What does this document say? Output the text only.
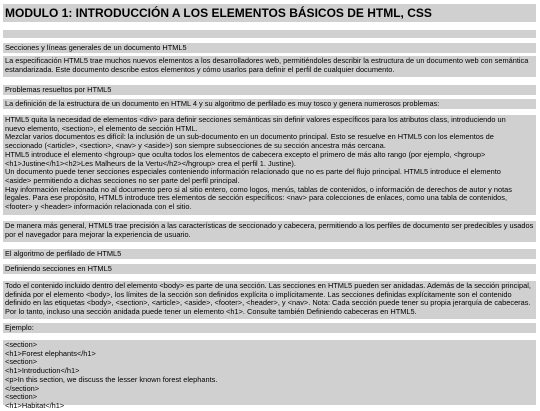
MODULO 1: INTRODUCCIÓN A LOS ELEMENTOS BÁSICOS DE HTML, CSS
Secciones y líneas generales de un documento HTML5
La especificación HTML5 trae muchos nuevos elementos a los desarrolladores web, permitiéndoles describir la estructura de un documento web con semántica estandarizada. Este documento describe estos elementos y cómo usarlos para definir el perfil de cualquier documento.
Problemas resueltos por HTML5
La definición de la estructura de un documento en HTML 4 y su algoritmo de perfilado es muy tosco y genera numerosos problemas:
HTML5 quita la necesidad de elementos <div> para definir secciones semánticas sin definir valores específicos para los atributos class, introduciendo un
nuevo elemento, <section>, el elemento de sección HTML.
Mezclar varios documentos es difícil: la inclusión de un sub-documento en un documento principal. Esto se resuelve en HTML5 con los elementos de
seccionado (<article>, <section>, <nav> y <aside>) son siempre subsecciones de su sección ancestra más cercana.
HTML5 introduce el elemento <hgroup> que oculta todos los elementos de cabecera excepto el primero de más alto rango (por ejemplo, <hgroup>
<h1>Justine</h1><h2>Les Malheurs de la Vertu</h2></hgroup> crea el perfil 1. Justine).
Un documento puede tener secciones especiales conteniendo información relacionado que no es parte del flujo principal. HTML5 introduce el elemento
<aside> permitiendo a dichas secciones no ser parte del perfil principal.
Hay información relacionada no al documento pero si al sitio entero, como logos, menús, tablas de contenidos, o información de derechos de autor y notas
legales. Para ese propósito, HTML5 introduce tres elementos de sección específicos: <nav> para colecciones de enlaces, como una tabla de contenidos,
<footer> y <header> información relacionada con el sitio.
De manera más general, HTML5 trae precisión a las características de seccionado y cabecera, permitiendo a los perfiles de documento ser predecibles y usados por el navegador para mejorar la experiencia de usuario.
El algoritmo de perfilado de HTML5
Definiendo secciones en HTML5
Todo el contenido incluido dentro del elemento <body> es parte de una sección. Las secciones en HTML5 pueden ser anidadas. Además de la sección principal, definida por el elemento <body>, los límites de la sección son definidos explícita o implícitamente. Las secciones definidas explícitamente son el contenido definido en las etiquetas <body>, <section>, <article>, <aside>, <footer>, <header>, y <nav>. Nota: Cada sección puede tener su propia jerarquía de cabeceras. Por lo tanto, incluso una sección anidada puede tener un elemento <h1>. Consulte también Definiendo cabeceras en HTML5.
Ejemplo:
<section>
<h1>Forest elephants</h1>
<section>
<h1>Introduction</h1>
<p>In this section, we discuss the lesser known forest elephants.
</section>
<section>
<h1>Habitat</h1>
